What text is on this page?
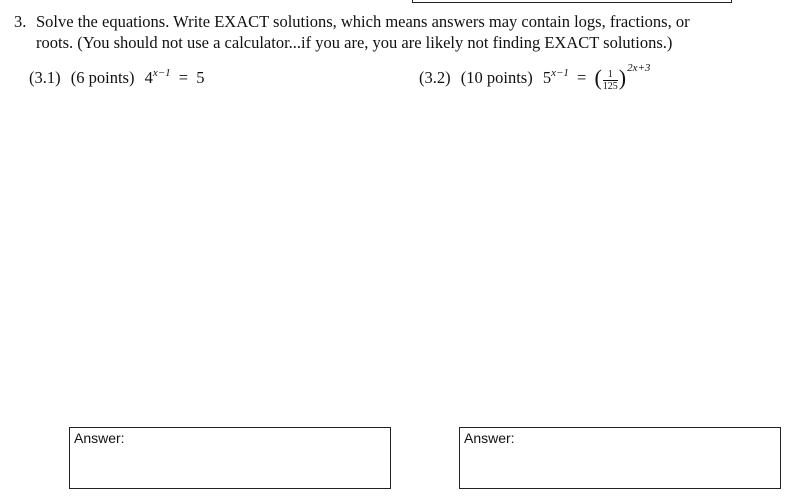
3. Solve the equations. Write EXACT solutions, which means answers may contain logs, fractions, or
roots. (You should not use a calculator...if you are, you are likely not finding EXACT solutions.)
(3.1) (6 points) $4^{x-1} = 5$	(3.2) (10 points) $5^{x-1}$ = ( $\frac{1}{125} )^{2x+3}$
Answer:	Answer:
